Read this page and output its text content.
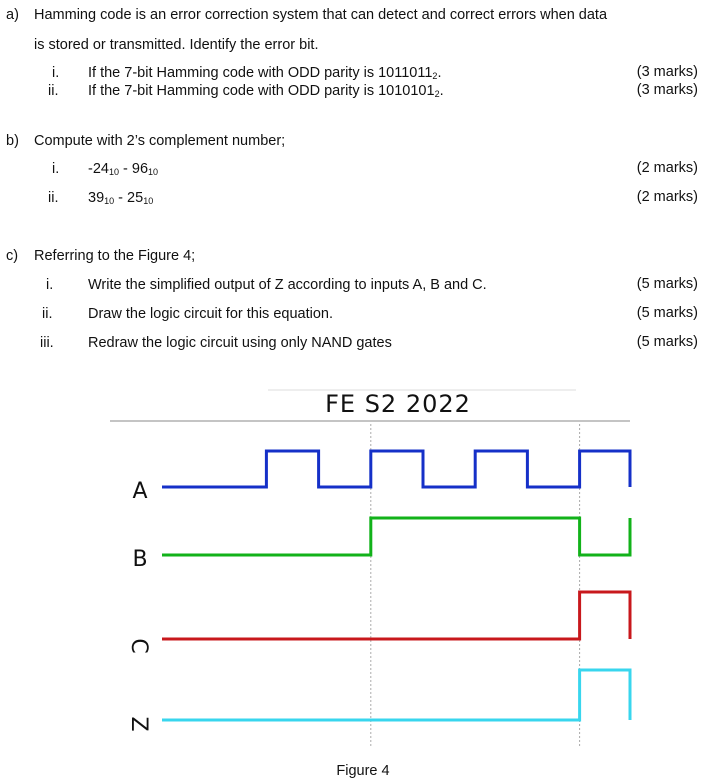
a) Hamming code is an error correction system that can detect and correct errors when data
is stored or transmitted. Identify the error bit.
i. If the 7-bit Hamming code with ODD parity is $1011011_2$.	(3 marks)
ii. If the 7-bit Hamming code with ODD parity is $1010101_2$.	(3 marks)
b) Compute with 2’s complement number;
i. $-24_{10} - 96_{10}$	(2 marks)
ii. $39_{10} - 25_{10}$	(2 marks)
c) Referring to the Figure 4;
i. Write the simplified output of Z according to inputs A, B and C.	(5 marks)
ii. Draw the logic circuit for this equation.	(5 marks)
iii. Redraw the logic circuit using only NAND gates	(5 marks)
FE S2 2022
A
B
C
Z
Figure 4
